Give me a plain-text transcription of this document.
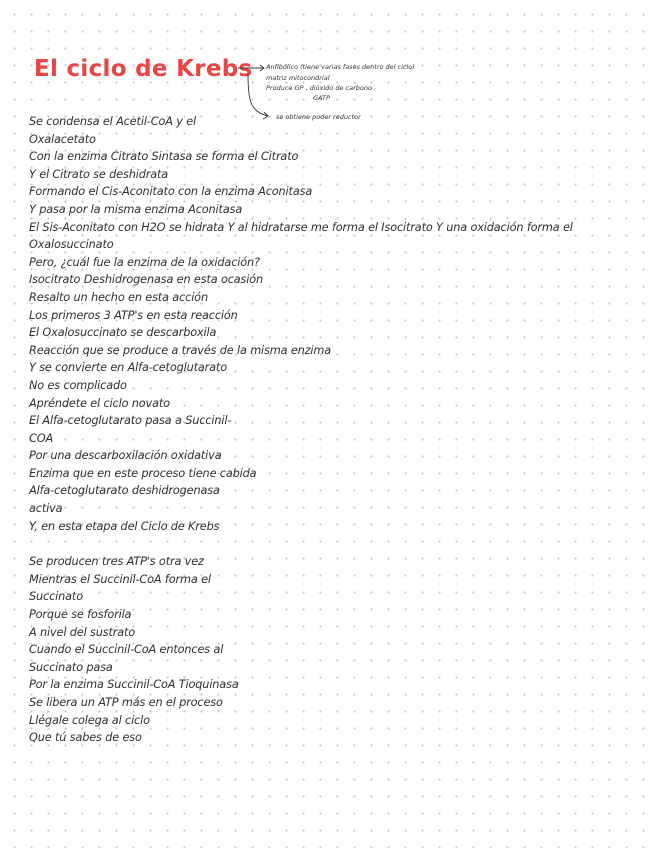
El ciclo de Krebs Anfibólico (tiene varias fases dentro del ciclo)
matriz mitocondrial
Produce GP , dióxido de carbono
GATP
se obtiene poder reductor
Se condensa el Acetil-CoA y el
Oxalacetato
Con la enzima Citrato Sintasa se forma el Citrato
Y el Citrato se deshidrata
Formando el Cis-Aconitato con la enzima Aconitasa
Y pasa por la misma enzima Aconitasa
El Sis-Aconitato con H2O se hidrata Y al hidratarse me forma el Isocitrato Y una oxidación forma el
Oxalosuccinato
Pero, ¿cuál fue la enzima de la oxidación?
Isocitrato Deshidrogenasa en esta ocasión
Resalto un hecho en esta acción
Los primeros 3 ATP's en esta reacción
El Oxalosuccinato se descarboxila
Reacción que se produce a través de la misma enzima
Y se convierte en Alfa-cetoglutarato
No es complicado
Apréndete el ciclo novato
El Alfa-cetoglutarato pasa a Succinil-
COA
Por una descarboxilación oxidativa
Enzima que en este proceso tiene cabida
Alfa-cetoglutarato deshidrogenasa
activa
Y, en esta etapa del Ciclo de Krebs
Se producen tres ATP's otra vez
Mientras el Succinil-CoA forma el
Succinato
Porque se fosforila
A nivel del sustrato
Cuando el Succinil-CoA entonces al
Succinato pasa
Por la enzima Succinil-CoA Tioquinasa
Se libera un ATP más en el proceso
Llégale colega al ciclo
Que tú sabes de eso
